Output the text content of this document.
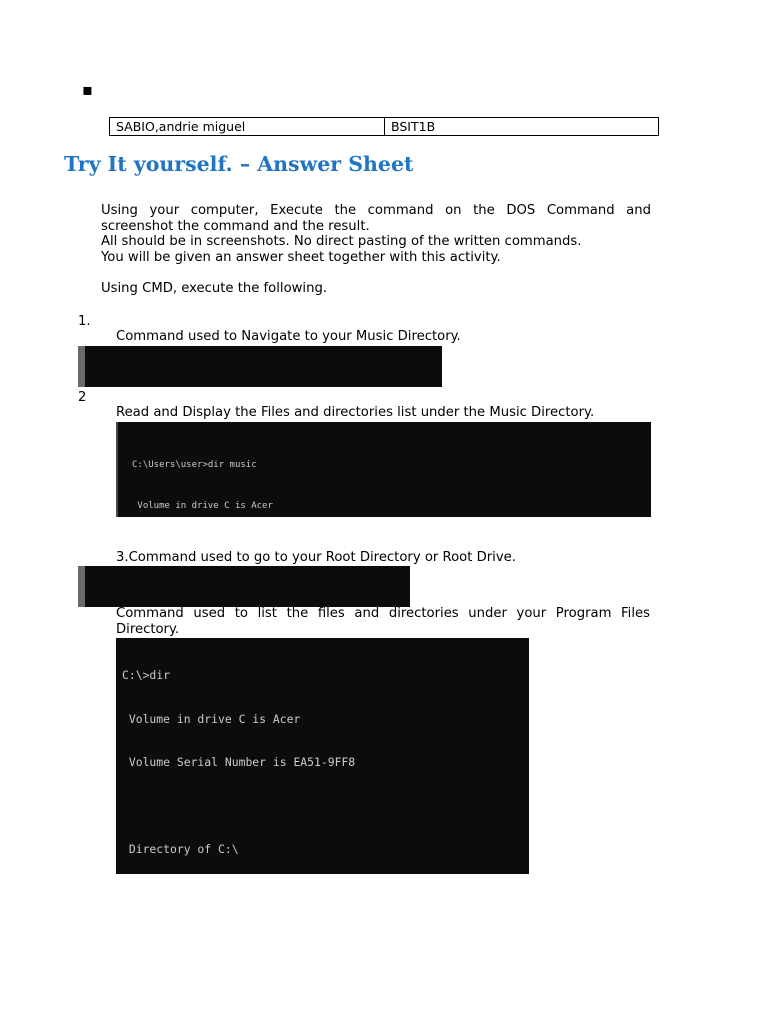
▪
SABIO,andrie miguel	BSIT1B
Try It yourself. – Answer Sheet

Using your computer, Execute the command on the DOS Command and screenshot the command and the result.

All should be in screenshots. No direct pasting of the written commands.

You will be given an answer sheet together with this activity.

Using CMD, execute the following.

1.
Command used to Navigate to your Music Directory.

2
Read and Display the Files and directories list under the Music Directory.

C:\Users\user>dir music

Volume in drive C is Acer

3.Command used to go to your Root Directory or Root Drive.

Command used to list the files and directories under your Program Files Directory.

C:\>dir

Volume in drive C is Acer

Volume Serial Number is EA51-9FF8

Directory of C:\
